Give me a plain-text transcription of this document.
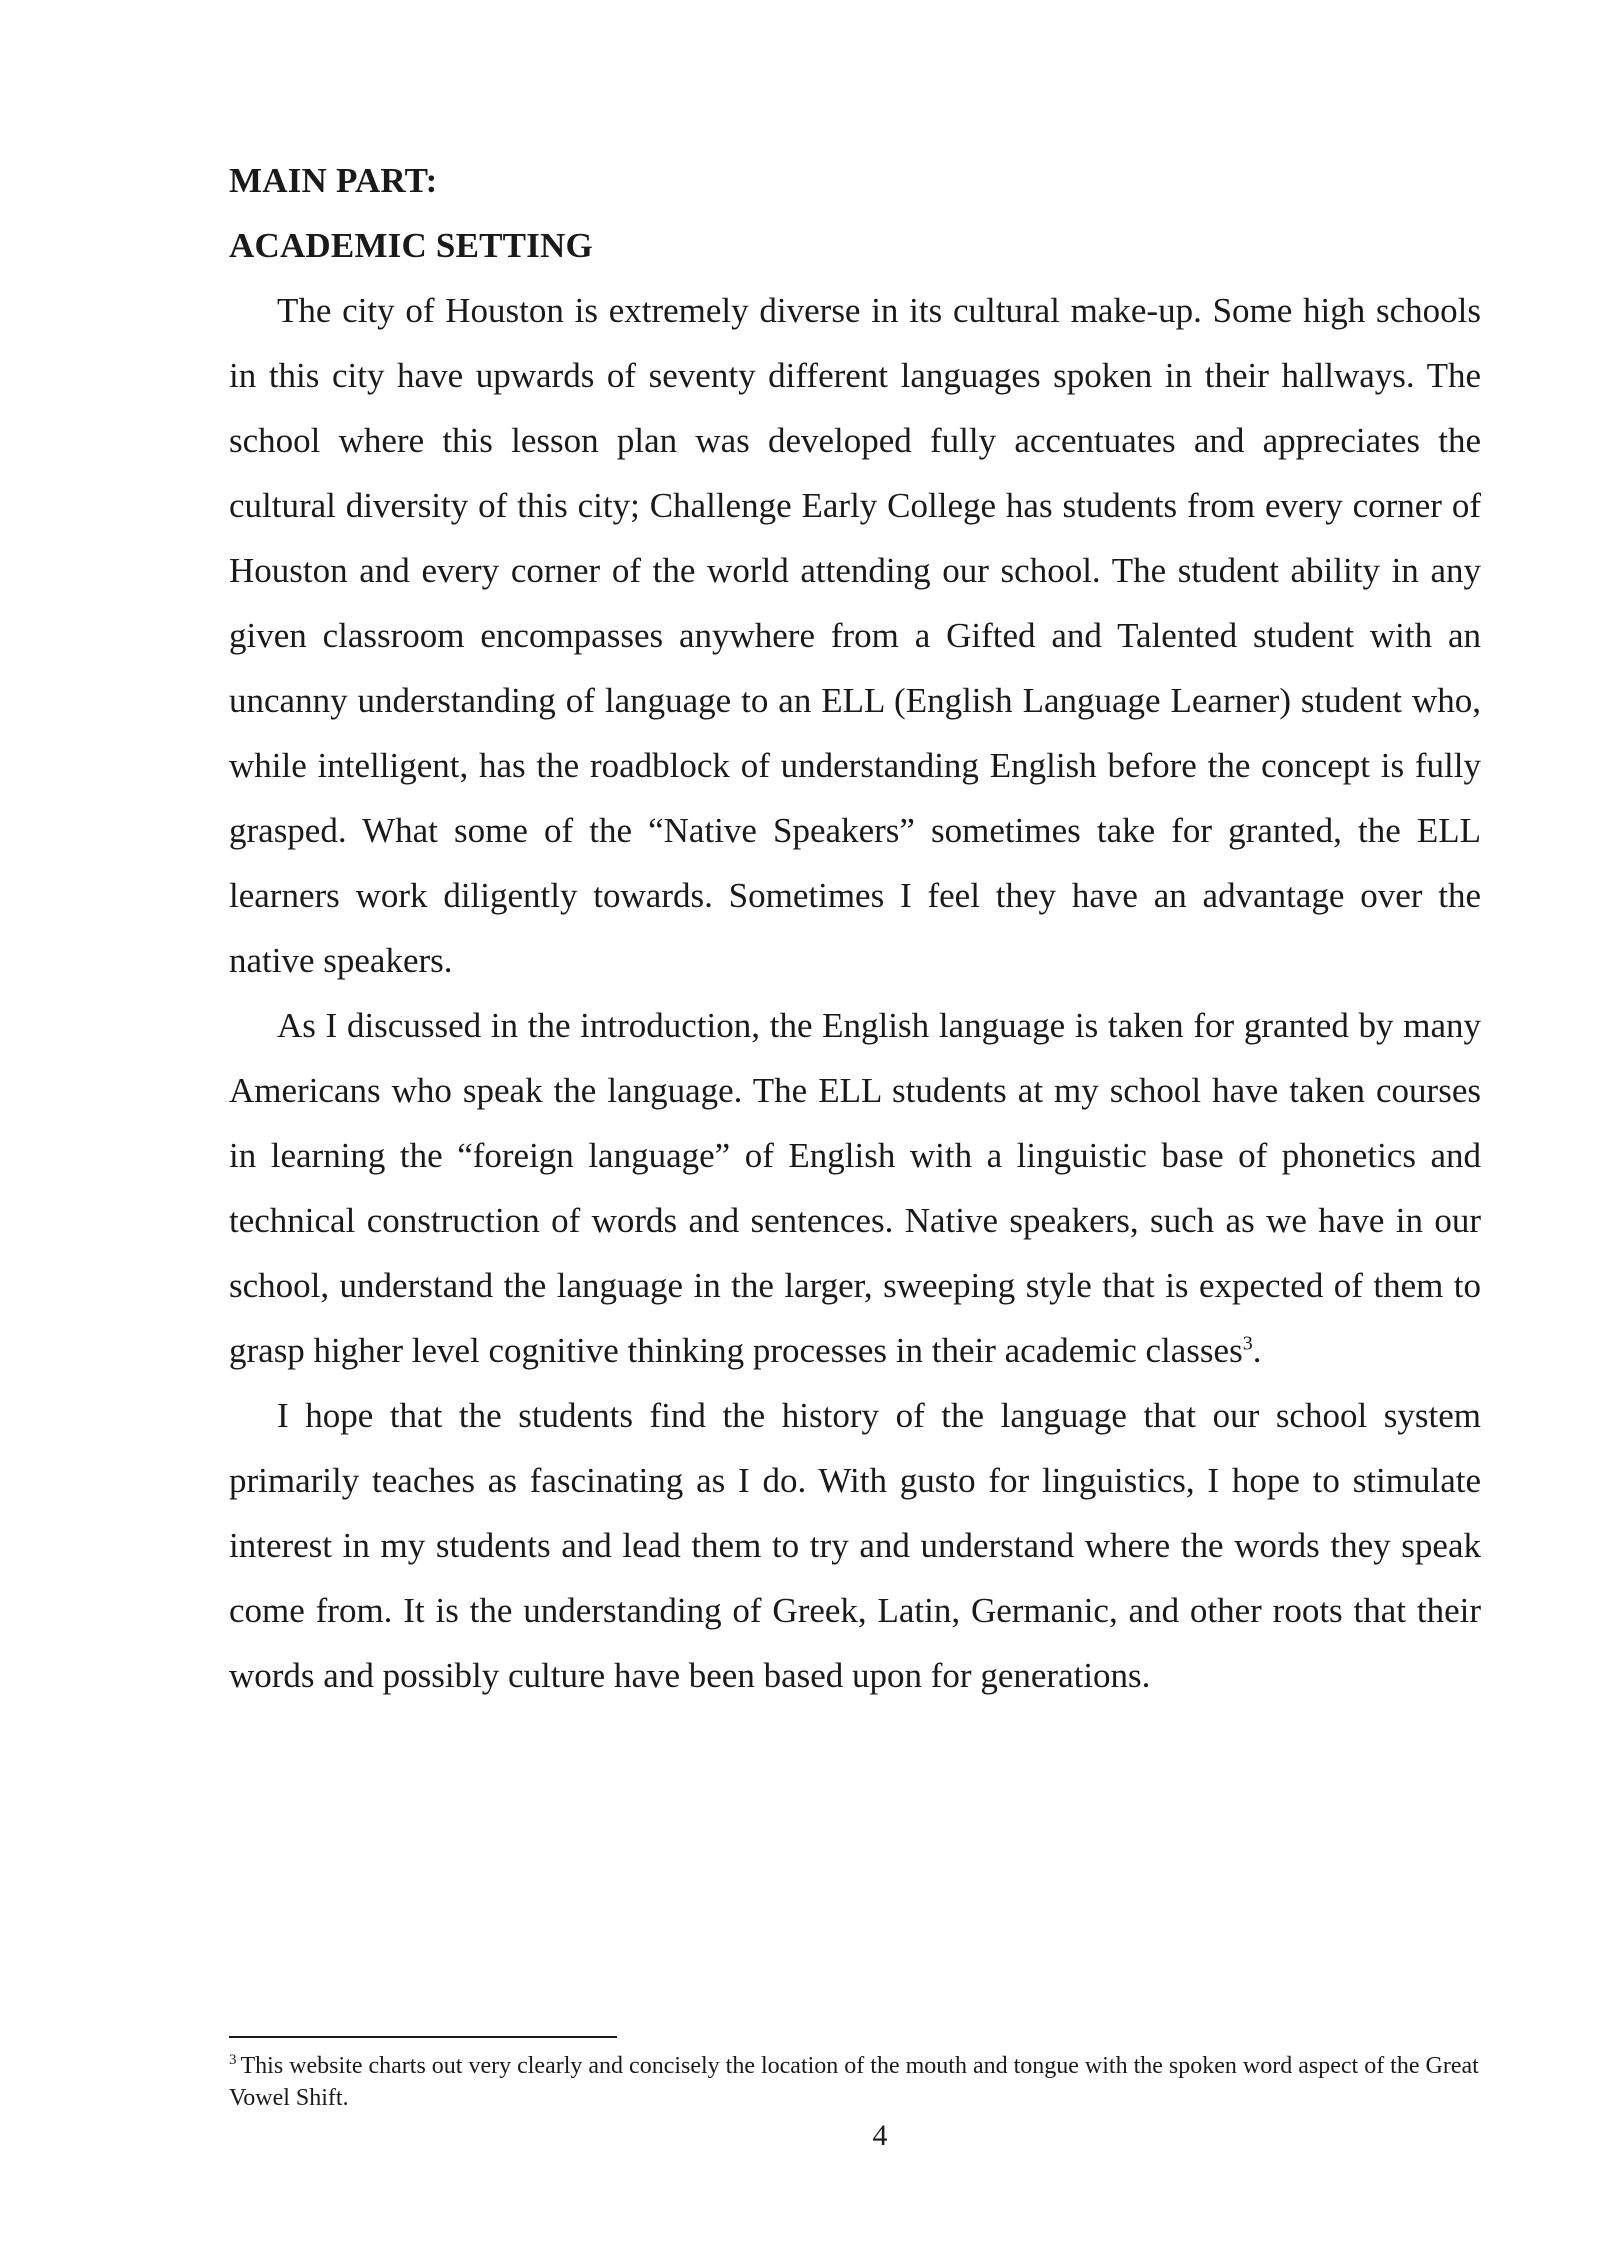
MAIN PART:

ACADEMIC SETTING

The city of Houston is extremely diverse in its cultural make-up. Some high schools in this city have upwards of seventy different languages spoken in their hallways. The school where this lesson plan was developed fully accentuates and appreciates the cultural diversity of this city; Challenge Early College has students from every corner of Houston and every corner of the world attending our school. The student ability in any given classroom encompasses anywhere from a Gifted and Talented student with an uncanny understanding of language to an ELL (English Language Learner) student who, while intelligent, has the roadblock of understanding English before the concept is fully grasped. What some of the “Native Speakers” sometimes take for granted, the ELL learners work diligently towards. Sometimes I feel they have an advantage over the native speakers.

As I discussed in the introduction, the English language is taken for granted by many Americans who speak the language. The ELL students at my school have taken courses in learning the “foreign language” of English with a linguistic base of phonetics and technical construction of words and sentences. Native speakers, such as we have in our school, understand the language in the larger, sweeping style that is expected of them to grasp higher level cognitive thinking processes in their academic classes$^3$.

I hope that the students find the history of the language that our school system primarily teaches as fascinating as I do. With gusto for linguistics, I hope to stimulate interest in my students and lead them to try and understand where the words they speak come from. It is the understanding of Greek, Latin, Germanic, and other roots that their words and possibly culture have been based upon for generations.

$^3$ This website charts out very clearly and concisely the location of the mouth and tongue with the spoken word aspect of the Great Vowel Shift.

4
